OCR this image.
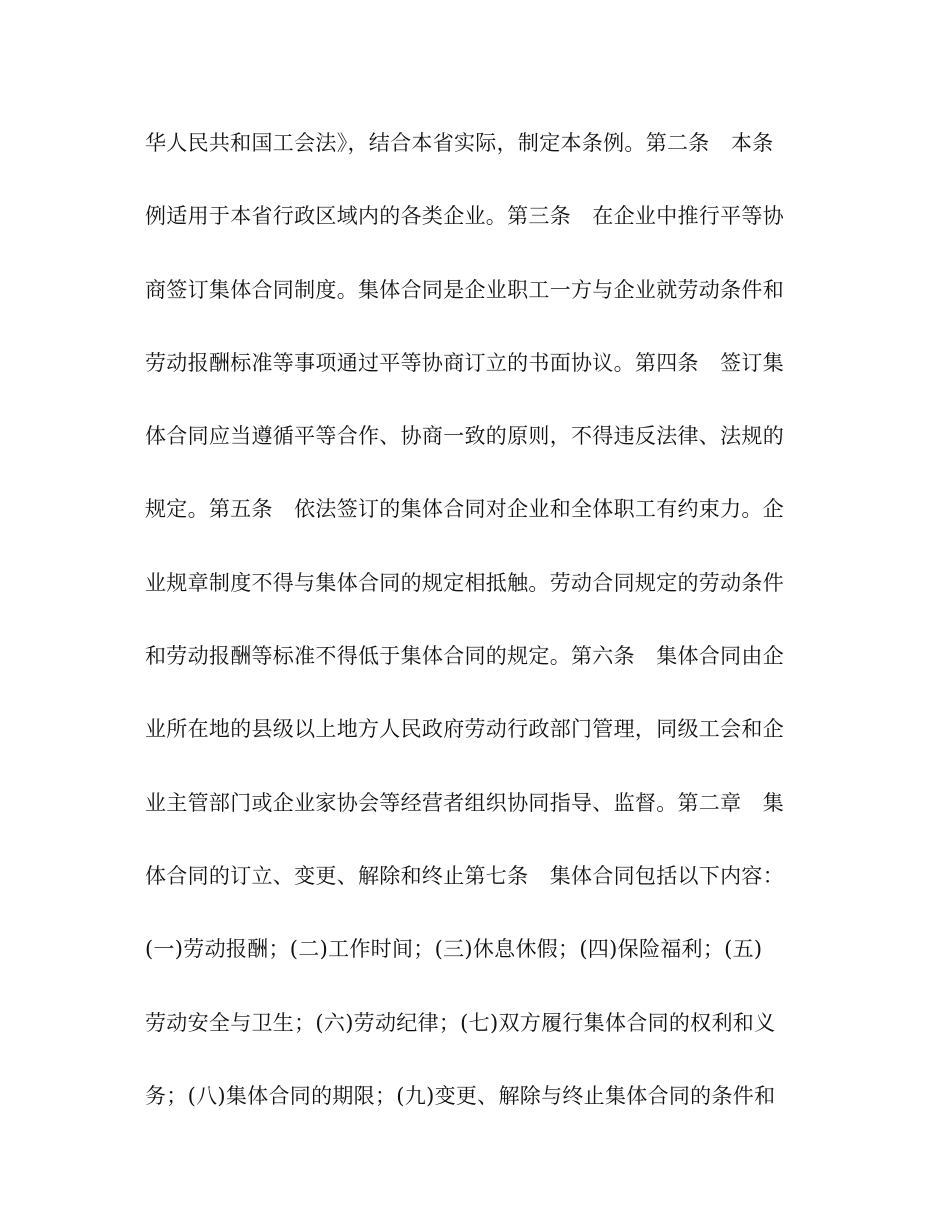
华人民共和国工会法》，结合本省实际，制定本条例。第二条　本条
例适用于本省行政区域内的各类企业。第三条　在企业中推行平等协
商签订集体合同制度。集体合同是企业职工一方与企业就劳动条件和
劳动报酬标准等事项通过平等协商订立的书面协议。第四条　签订集
体合同应当遵循平等合作、协商一致的原则，不得违反法律、法规的
规定。第五条　依法签订的集体合同对企业和全体职工有约束力。企
业规章制度不得与集体合同的规定相抵触。劳动合同规定的劳动条件
和劳动报酬等标准不得低于集体合同的规定。第六条　集体合同由企
业所在地的县级以上地方人民政府劳动行政部门管理，同级工会和企
业主管部门或企业家协会等经营者组织协同指导、监督。第二章　集
体合同的订立、变更、解除和终止第七条　集体合同包括以下内容：
(一)劳动报酬；(二)工作时间；(三)休息休假；(四)保险福利；(五)
劳动安全与卫生；(六)劳动纪律；(七)双方履行集体合同的权利和义
务；(八)集体合同的期限；(九)变更、解除与终止集体合同的条件和
